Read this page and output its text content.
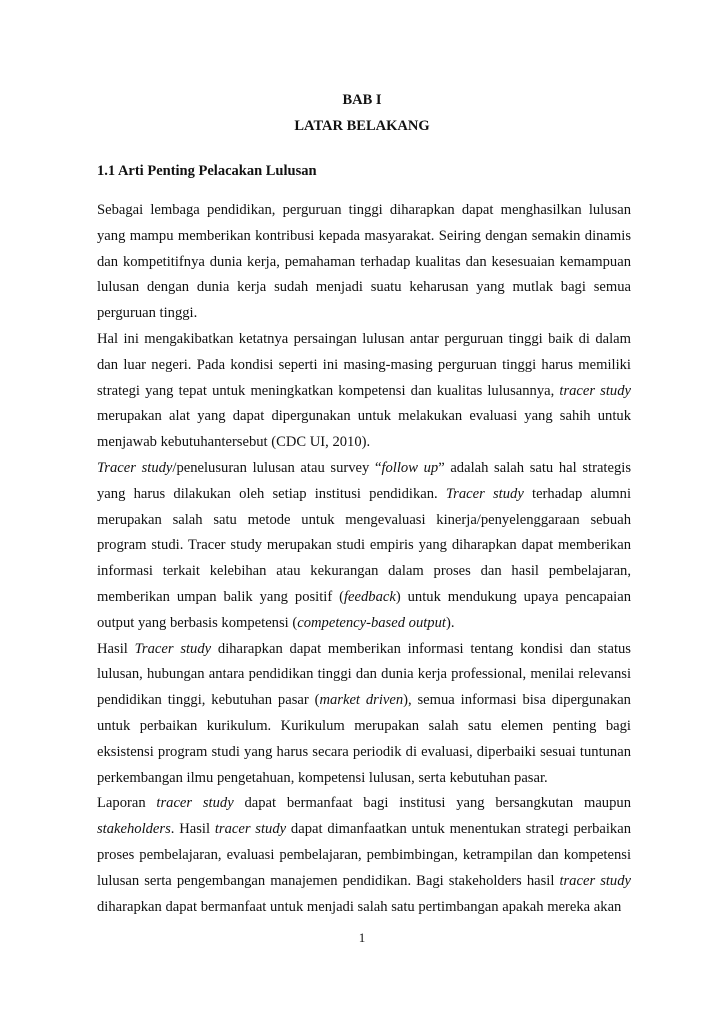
BAB I
LATAR BELAKANG
1.1 Arti Penting Pelacakan Lulusan

Sebagai lembaga pendidikan, perguruan tinggi diharapkan dapat menghasilkan lulusan yang mampu memberikan kontribusi kepada masyarakat. Seiring dengan semakin dinamis dan kompetitifnya dunia kerja, pemahaman terhadap kualitas dan kesesuaian kemampuan lulusan dengan dunia kerja sudah menjadi suatu keharusan yang mutlak bagi semua perguruan tinggi.

Hal ini mengakibatkan ketatnya persaingan lulusan antar perguruan tinggi baik di dalam dan luar negeri. Pada kondisi seperti ini masing-masing perguruan tinggi harus memiliki strategi yang tepat untuk meningkatkan kompetensi dan kualitas lulusannya, tracer study merupakan alat yang dapat dipergunakan untuk melakukan evaluasi yang sahih untuk menjawab kebutuhantersebut (CDC UI, 2010).

Tracer study/penelusuran lulusan atau survey “follow up” adalah salah satu hal strategis yang harus dilakukan oleh setiap institusi pendidikan. Tracer study terhadap alumni merupakan salah satu metode untuk mengevaluasi kinerja/penyelenggaraan sebuah program studi. Tracer study merupakan studi empiris yang diharapkan dapat memberikan informasi terkait kelebihan atau kekurangan dalam proses dan hasil pembelajaran, memberikan umpan balik yang positif (feedback) untuk mendukung upaya pencapaian output yang berbasis kompetensi (competency-based output).

Hasil Tracer study diharapkan dapat memberikan informasi tentang kondisi dan status lulusan, hubungan antara pendidikan tinggi dan dunia kerja professional, menilai relevansi pendidikan tinggi, kebutuhan pasar (market driven), semua informasi bisa dipergunakan untuk perbaikan kurikulum. Kurikulum merupakan salah satu elemen penting bagi eksistensi program studi yang harus secara periodik di evaluasi, diperbaiki sesuai tuntunan perkembangan ilmu pengetahuan, kompetensi lulusan, serta kebutuhan pasar.

Laporan tracer study dapat bermanfaat bagi institusi yang bersangkutan maupun stakeholders. Hasil tracer study dapat dimanfaatkan untuk menentukan strategi perbaikan proses pembelajaran, evaluasi pembelajaran, pembimbingan, ketrampilan dan kompetensi lulusan serta pengembangan manajemen pendidikan. Bagi stakeholders hasil tracer study diharapkan dapat bermanfaat untuk menjadi salah satu pertimbangan apakah mereka akan

1
